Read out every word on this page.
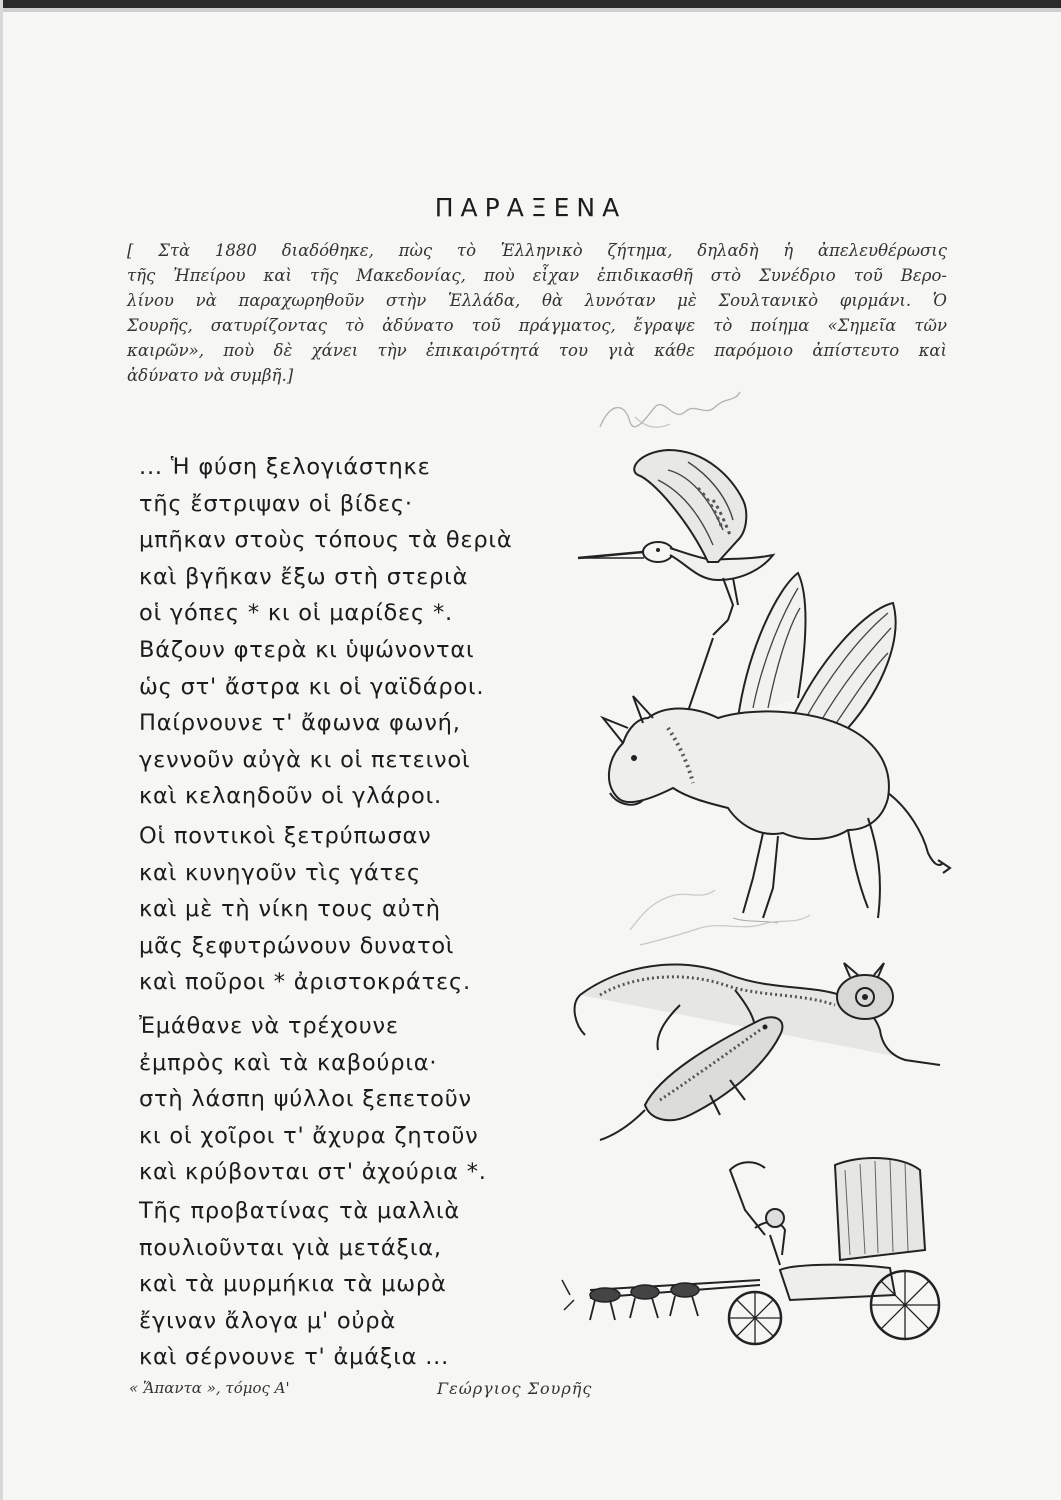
ΠΑΡΑΞΕΝΑ
[ Στὰ 1880 διαδόθηκε, πὼς τὸ Ἑλληνικὸ ζήτημα, δηλαδὴ ἡ ἀπελευθέρωσις
τῆς Ἠπείρου καὶ τῆς Μακεδονίας, ποὺ εἶχαν ἐπιδικασθῆ στὸ Συνέδριο τοῦ Βερο-
λίνου νὰ παραχωρηθοῦν στὴν Ἑλλάδα, θὰ λυνόταν μὲ Σουλτανικὸ φιρμάνι. Ὁ
Σουρῆς, σατυρίζοντας τὸ ἀδύνατο τοῦ πράγματος, ἔγραψε τὸ ποίημα «Σημεῖα τῶν
καιρῶν», ποὺ δὲ χάνει τὴν ἐπικαιρότητά του γιὰ κάθε παρόμοιο ἀπίστευτο καὶ
ἀδύνατο νὰ συμβῆ.]
... Ἡ φύση ξελογιάστηκε
τῆς ἔστριψαν οἱ βίδες·
μπῆκαν στοὺς τόπους τὰ θεριὰ
καὶ βγῆκαν ἔξω στὴ στεριὰ
οἱ γόπες * κι οἱ μαρίδες *.
Βάζουν φτερὰ κι ὑψώνονται
ὡς στ' ἄστρα κι οἱ γαϊδάροι.
Παίρνουνε τ' ἄφωνα φωνή,
γεννοῦν αὐγὰ κι οἱ πετεινοὶ
καὶ κελαηδοῦν οἱ γλάροι.
Οἱ ποντικοὶ ξετρύπωσαν
καὶ κυνηγοῦν τὶς γάτες
καὶ μὲ τὴ νίκη τους αὐτὴ
μᾶς ξεφυτρώνουν δυνατοὶ
καὶ ποῦροι * ἀριστοκράτες.
Ἐμάθανε νὰ τρέχουνε
ἐμπρὸς καὶ τὰ καβούρια·
στὴ λάσπη ψύλλοι ξεπετοῦν
κι οἱ χοῖροι τ' ἄχυρα ζητοῦν
καὶ κρύβονται στ' ἀχούρια *.
Τῆς προβατίνας τὰ μαλλιὰ
πουλιοῦνται γιὰ μετάξια,
καὶ τὰ μυρμήκια τὰ μωρὰ
ἔγιναν ἄλογα μ' οὐρὰ
καὶ σέρνουνε τ' ἀμάξια ...
« Ἅπαντα », τόμος Α'	Γεώργιος Σουρῆς
